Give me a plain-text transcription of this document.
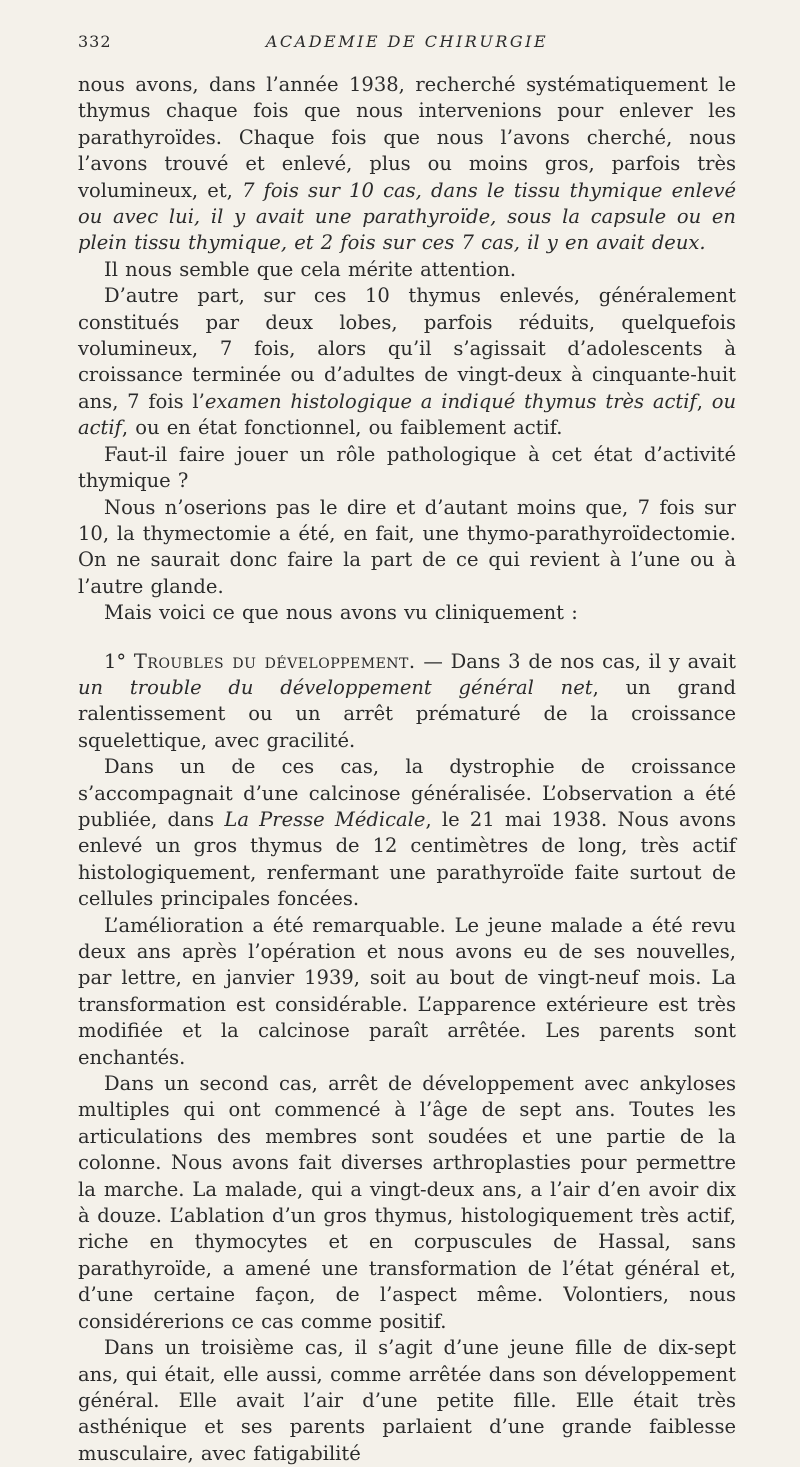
332	ACADEMIE DE CHIRURGIE

nous avons, dans l’année 1938, recherché systématiquement le thymus chaque fois que nous intervenions pour enlever les parathyroïdes. Chaque fois que nous l’avons cherché, nous l’avons trouvé et enlevé, plus ou moins gros, parfois très volumineux, et, 7 fois sur 10 cas, dans le tissu thymique enlevé ou avec lui, il y avait une parathyroïde, sous la capsule ou en plein tissu thymique, et 2 fois sur ces 7 cas, il y en avait deux.

Il nous semble que cela mérite attention.

D’autre part, sur ces 10 thymus enlevés, généralement constitués par deux lobes, parfois réduits, quelquefois volumineux, 7 fois, alors qu’il s’agissait d’adolescents à croissance terminée ou d’adultes de vingt-deux à cinquante-huit ans, 7 fois l’examen histologique a indiqué thymus très actif, ou actif, ou en état fonctionnel, ou faiblement actif.

Faut-il faire jouer un rôle pathologique à cet état d’activité thymique ?

Nous n’oserions pas le dire et d’autant moins que, 7 fois sur 10, la thymectomie a été, en fait, une thymo-parathyroïdectomie. On ne saurait donc faire la part de ce qui revient à l’une ou à l’autre glande.

Mais voici ce que nous avons vu cliniquement :

1° Troubles du développement. — Dans 3 de nos cas, il y avait un trouble du développement général net, un grand ralentissement ou un arrêt prématuré de la croissance squelettique, avec gracilité.

Dans un de ces cas, la dystrophie de croissance s’accompagnait d’une calcinose généralisée. L’observation a été publiée, dans La Presse Médicale, le 21 mai 1938. Nous avons enlevé un gros thymus de 12 centimètres de long, très actif histologiquement, renfermant une parathyroïde faite surtout de cellules principales foncées.

L’amélioration a été remarquable. Le jeune malade a été revu deux ans après l’opération et nous avons eu de ses nouvelles, par lettre, en janvier 1939, soit au bout de vingt-neuf mois. La transformation est considérable. L’apparence extérieure est très modifiée et la calcinose paraît arrêtée. Les parents sont enchantés.

Dans un second cas, arrêt de développement avec ankyloses multiples qui ont commencé à l’âge de sept ans. Toutes les articulations des membres sont soudées et une partie de la colonne. Nous avons fait diverses arthroplasties pour permettre la marche. La malade, qui a vingt-deux ans, a l’air d’en avoir dix à douze. L’ablation d’un gros thymus, histologiquement très actif, riche en thymocytes et en corpuscules de Hassal, sans parathyroïde, a amené une transformation de l’état général et, d’une certaine façon, de l’aspect même. Volontiers, nous considérerions ce cas comme positif.

Dans un troisième cas, il s’agit d’une jeune fille de dix-sept ans, qui était, elle aussi, comme arrêtée dans son développement général. Elle avait l’air d’une petite fille. Elle était très asthénique et ses parents parlaient d’une grande faiblesse musculaire, avec fatigabilité
